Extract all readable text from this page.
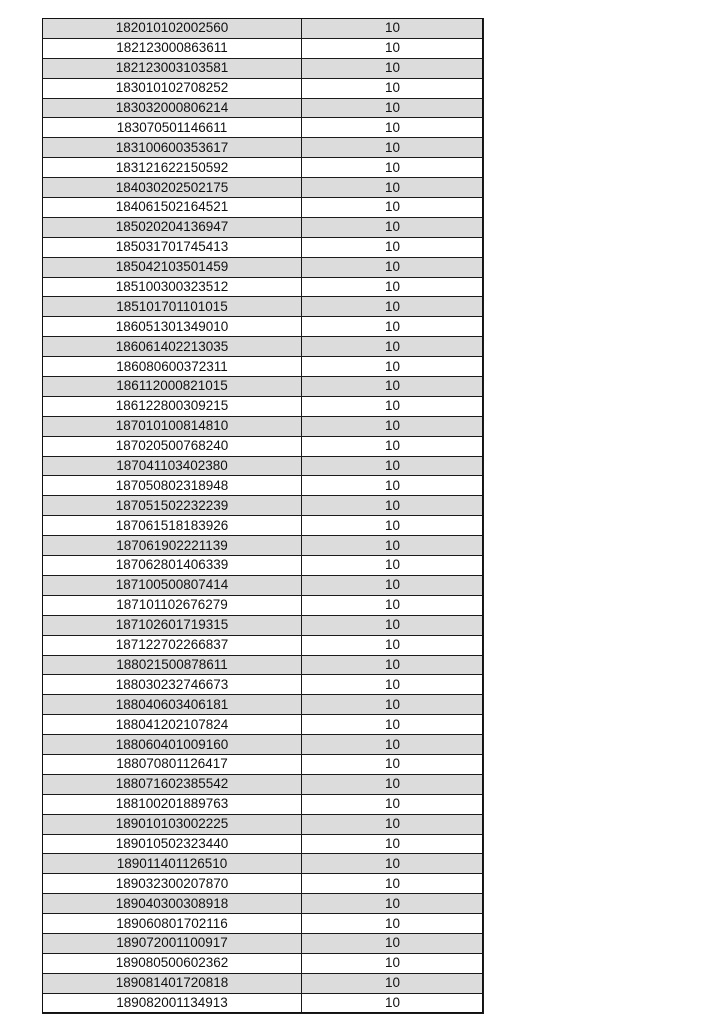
182010102002560	10
182123000863611	10
182123003103581	10
183010102708252	10
183032000806214	10
183070501146611	10
183100600353617	10
183121622150592	10
184030202502175	10
184061502164521	10
185020204136947	10
185031701745413	10
185042103501459	10
185100300323512	10
185101701101015	10
186051301349010	10
186061402213035	10
186080600372311	10
186112000821015	10
186122800309215	10
187010100814810	10
187020500768240	10
187041103402380	10
187050802318948	10
187051502232239	10
187061518183926	10
187061902221139	10
187062801406339	10
187100500807414	10
187101102676279	10
187102601719315	10
187122702266837	10
188021500878611	10
188030232746673	10
188040603406181	10
188041202107824	10
188060401009160	10
188070801126417	10
188071602385542	10
188100201889763	10
189010103002225	10
189010502323440	10
189011401126510	10
189032300207870	10
189040300308918	10
189060801702116	10
189072001100917	10
189080500602362	10
189081401720818	10
189082001134913	10
